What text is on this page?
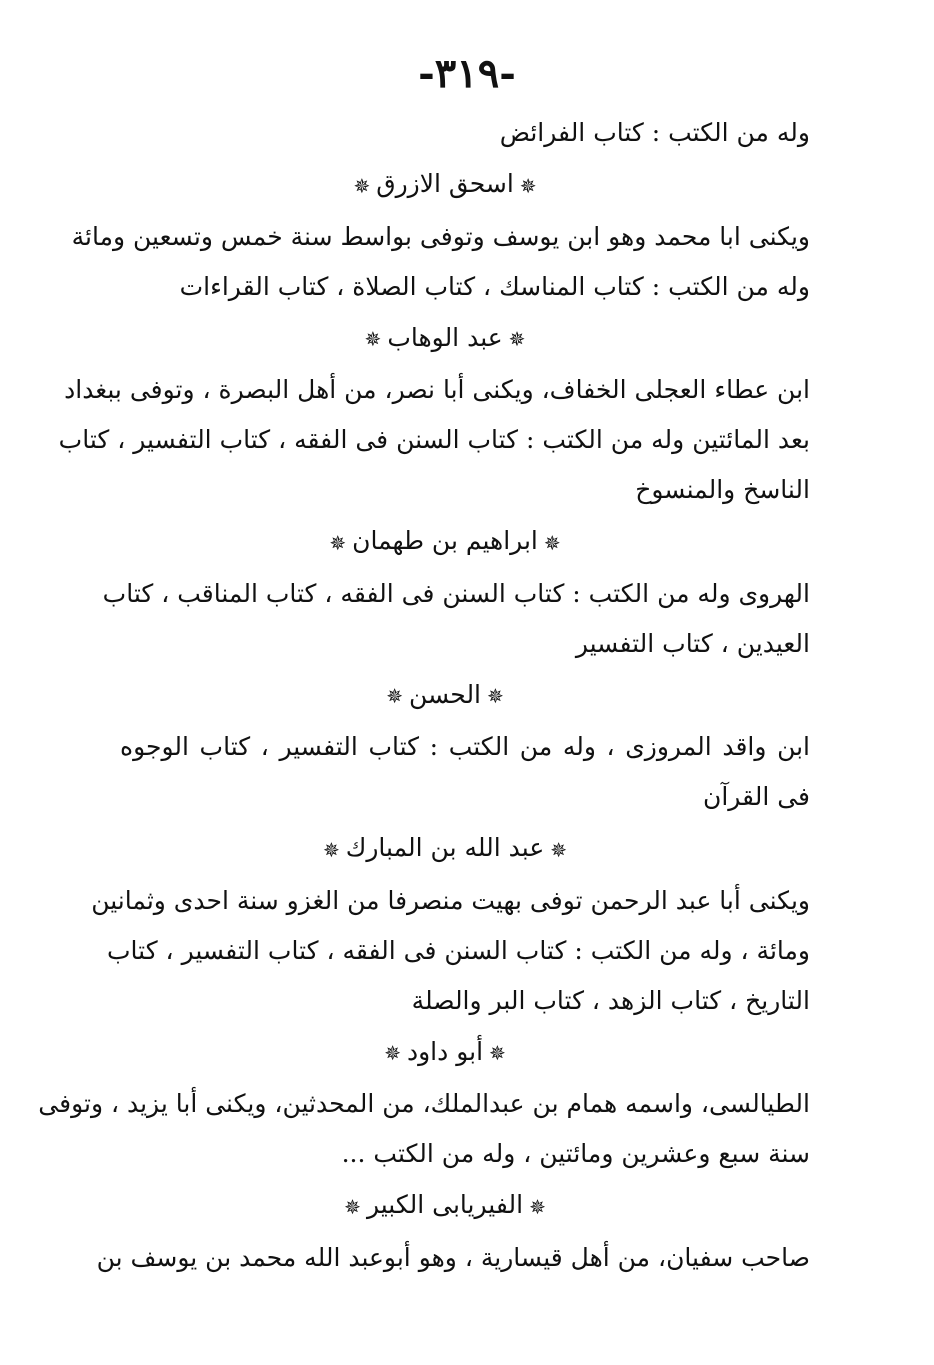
-٣١٩-
وله من الكتب : كتاب الفرائض
✵اسحق الازرق✵
ويكنى ابا محمد وهو ابن يوسف وتوفى بواسط سنة خمس وتسعين ومائة
وله من الكتب : كتاب المناسك ، كتاب الصلاة ، كتاب القراءات
✵عبد الوهاب✵
ابن عطاء العجلى الخفاف، ويكنى أبا نصر، من أهل البصرة ، وتوفى ببغداد
بعد المائتين وله من الكتب : كتاب السنن فى الفقه ، كتاب التفسير ، كتاب
الناسخ والمنسوخ
✵ابراهيم بن طهمان✵
الهروى وله من الكتب : كتاب السنن فى الفقه ، كتاب المناقب ، كتاب
العيدين ، كتاب التفسير
✵الحسن✵
ابن واقد المروزى ، وله من الكتب : كتاب التفسير ، كتاب الوجوه
فى القرآن
✵عبد الله بن المبارك✵
ويكنى أبا عبد الرحمن توفى بهيت منصرفا من الغزو سنة احدى وثمانين
ومائة ، وله من الكتب : كتاب السنن فى الفقه ، كتاب التفسير ، كتاب
التاريخ ، كتاب الزهد ، كتاب البر والصلة
✵أبو داود✵
الطيالسى، واسمه همام بن عبدالملك، من المحدثين، ويكنى أبا يزيد ، وتوفى
سنة سبع وعشرين ومائتين ، وله من الكتب ...
✵الفيريابى الكبير✵
صاحب سفيان، من أهل قيسارية ، وهو أبوعبد الله محمد بن يوسف بن
